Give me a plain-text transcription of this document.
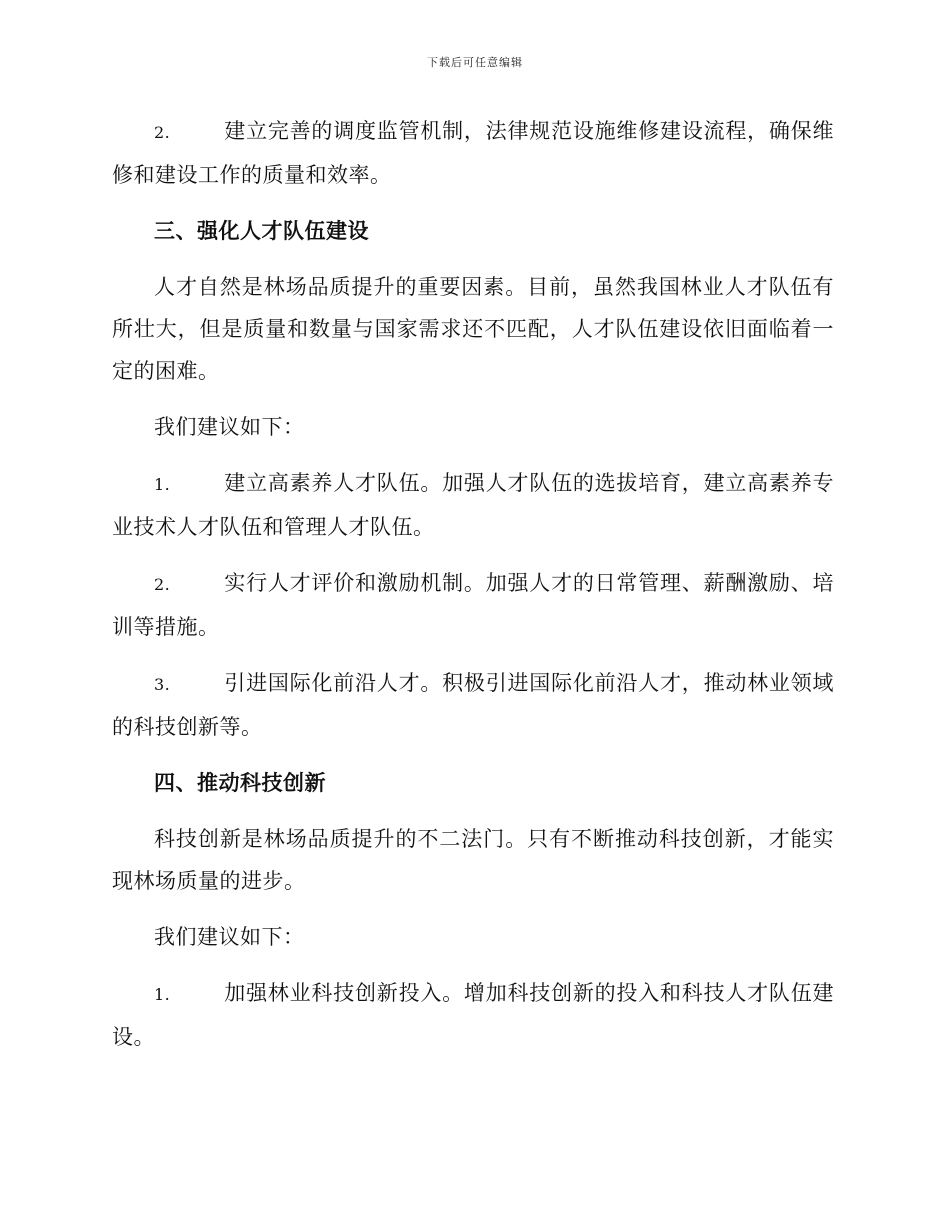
下载后可任意编辑

2.	建立完善的调度监管机制，法律规范设施维修建设流程，确保维修和建设工作的质量和效率。

三、强化人才队伍建设

人才自然是林场品质提升的重要因素。目前，虽然我国林业人才队伍有所壮大，但是质量和数量与国家需求还不匹配，人才队伍建设依旧面临着一定的困难。

我们建议如下：

1.	建立高素养人才队伍。加强人才队伍的选拔培育，建立高素养专业技术人才队伍和管理人才队伍。

2.	实行人才评价和激励机制。加强人才的日常管理、薪酬激励、培训等措施。

3.	引进国际化前沿人才。积极引进国际化前沿人才，推动林业领域的科技创新等。

四、推动科技创新

科技创新是林场品质提升的不二法门。只有不断推动科技创新，才能实现林场质量的进步。

我们建议如下：

1.	加强林业科技创新投入。增加科技创新的投入和科技人才队伍建设。
